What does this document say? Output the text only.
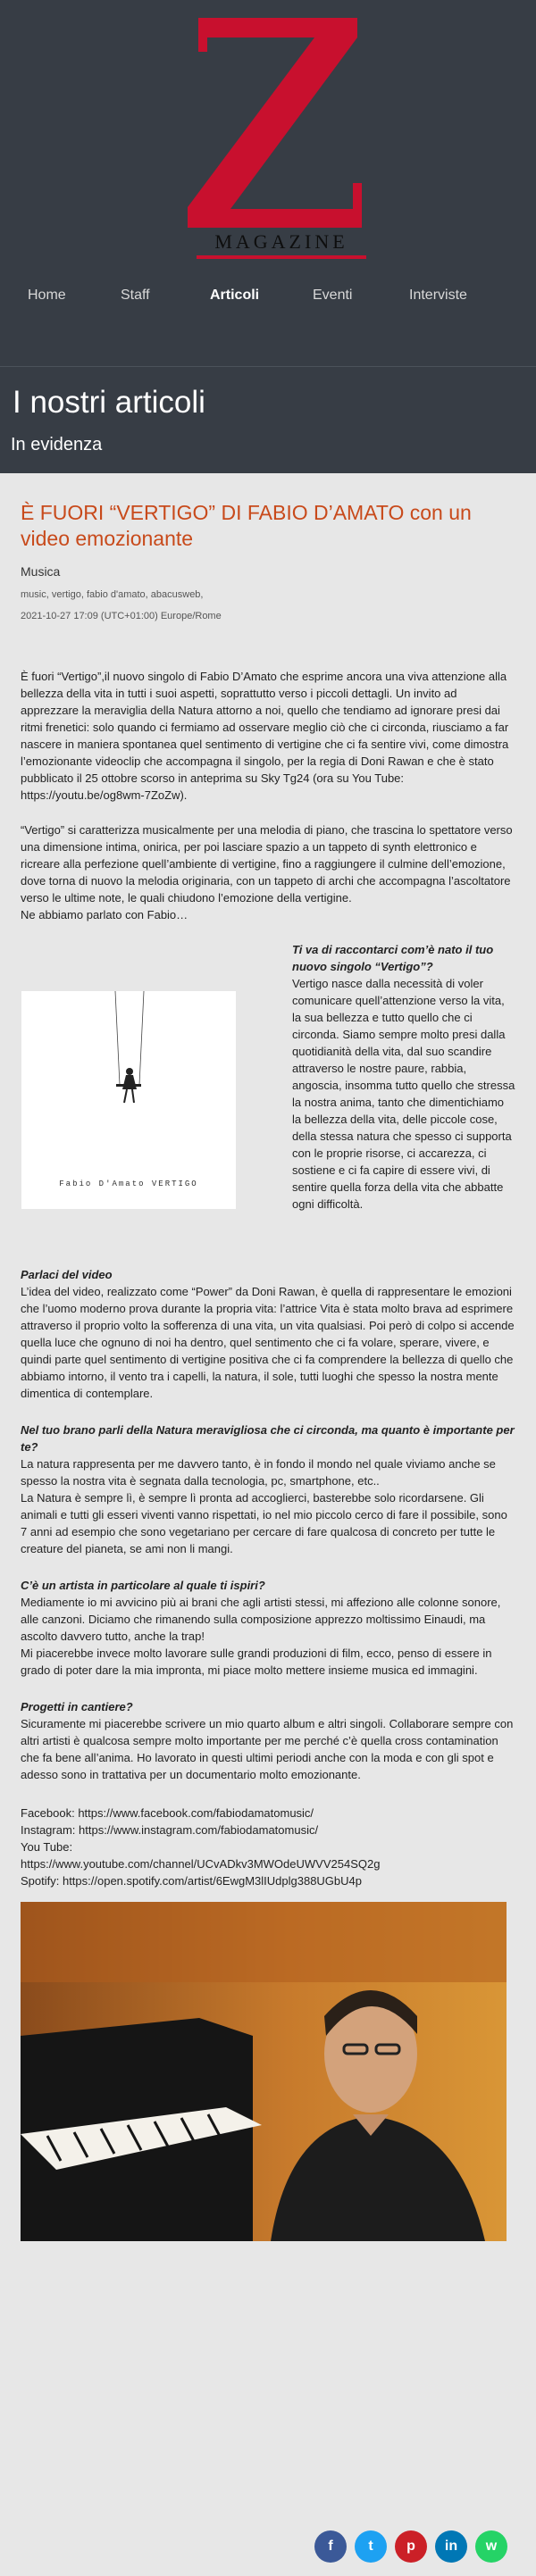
MAGAZINE
Home	Staff	Articoli	Eventi	Interviste
I nostri articoli
In evidenza
È FUORI “VERTIGO” DI FABIO D’AMATO con un video emozionante
Musica
music, vertigo, fabio d'amato, abacusweb,
2021-10-27 17:09 (UTC+01:00) Europe/Rome

È fuori “Vertigo”,il nuovo singolo di Fabio D’Amato che esprime ancora una viva attenzione alla bellezza della vita in tutti i suoi aspetti, soprattutto verso i piccoli dettagli. Un invito ad apprezzare la meraviglia della Natura attorno a noi, quello che tendiamo ad ignorare presi dai ritmi frenetici: solo quando ci fermiamo ad osservare meglio ciò che ci circonda, riusciamo a far nascere in maniera spontanea quel sentimento di vertigine che ci fa sentire vivi, come dimostra l’emozionante videoclip che accompagna il singolo, per la regia di Doni Rawan e che è stato pubblicato il 25 ottobre scorso in anteprima su Sky Tg24 (ora su You Tube: https://youtu.be/og8wm-7ZoZw).

“Vertigo” si caratterizza musicalmente per una melodia di piano, che trascina lo spettatore verso una dimensione intima, onirica, per poi lasciare spazio a un tappeto di synth elettronico e ricreare alla perfezione quell’ambiente di vertigine, fino a raggiungere il culmine dell’emozione, dove torna di nuovo la melodia originaria, con un tappeto di archi che accompagna l’ascoltatore verso le ultime note, le quali chiudono l’emozione della vertigine.
Ne abbiamo parlato con Fabio…
Fabio D'Amato VERTIGO
Ti va di raccontarci com’è nato il tuo nuovo singolo “Vertigo”?
Vertigo nasce dalla necessità di voler comunicare quell’attenzione verso la vita, la sua bellezza e tutto quello che ci circonda. Siamo sempre molto presi dalla quotidianità della vita, dal suo scandire attraverso le nostre paure, rabbia, angoscia, insomma tutto quello che stressa la nostra anima, tanto che dimentichiamo la bellezza della vita, delle piccole cose, della stessa natura che spesso ci supporta con le proprie risorse, ci accarezza, ci sostiene e ci fa capire di essere vivi, di sentire quella forza della vita che abbatte ogni difficoltà.
Parlaci del video
L’idea del video, realizzato come “Power” da Doni Rawan, è quella di rappresentare le emozioni che l’uomo moderno prova durante la propria vita: l’attrice Vita è stata molto brava ad esprimere attraverso il proprio volto la sofferenza di una vita, un vita qualsiasi. Poi però di colpo si accende quella luce che ognuno di noi ha dentro, quel sentimento che ci fa volare, sperare, vivere, e quindi parte quel sentimento di vertigine positiva che ci fa comprendere la bellezza di quello che abbiamo intorno, il vento tra i capelli, la natura, il sole, tutti luoghi che spesso la nostra mente dimentica di contemplare.
Nel tuo brano parli della Natura meravigliosa che ci circonda, ma quanto è importante per te?
La natura rappresenta per me davvero tanto, è in fondo il mondo nel quale viviamo anche se spesso la nostra vita è segnata dalla tecnologia, pc, smartphone, etc..
La Natura è sempre lì, è sempre lì pronta ad accoglierci, basterebbe solo ricordarsene. Gli animali e tutti gli esseri viventi vanno rispettati, io nel mio piccolo cerco di fare il possibile, sono 7 anni ad esempio che sono vegetariano per cercare di fare qualcosa di concreto per tutte le creature del pianeta, se ami non li mangi.
C’è un artista in particolare al quale ti ispiri?
Mediamente io mi avvicino più ai brani che agli artisti stessi, mi affeziono alle colonne sonore, alle canzoni. Diciamo che rimanendo sulla composizione apprezzo moltissimo Einaudi, ma ascolto davvero tutto, anche la trap!
Mi piacerebbe invece molto lavorare sulle grandi produzioni di film, ecco, penso di essere in grado di poter dare la mia impronta, mi piace molto mettere insieme musica ed immagini.
Progetti in cantiere?
Sicuramente mi piacerebbe scrivere un mio quarto album e altri singoli. Collaborare sempre con altri artisti è qualcosa sempre molto importante per me perché c’è quella cross contamination che fa bene all’anima. Ho lavorato in questi ultimi periodi anche con la moda e con gli spot e adesso sono in trattativa per un documentario molto emozionante.
Facebook: https://www.facebook.com/fabiodamatomusic/
Instagram: https://www.instagram.com/fabiodamatomusic/
You Tube:
https://www.youtube.com/channel/UCvADkv3MWOdeUWVV254SQ2g
Spotify: https://open.spotify.com/artist/6EwgM3lIUdplg388UGbU4p
f t p in w
